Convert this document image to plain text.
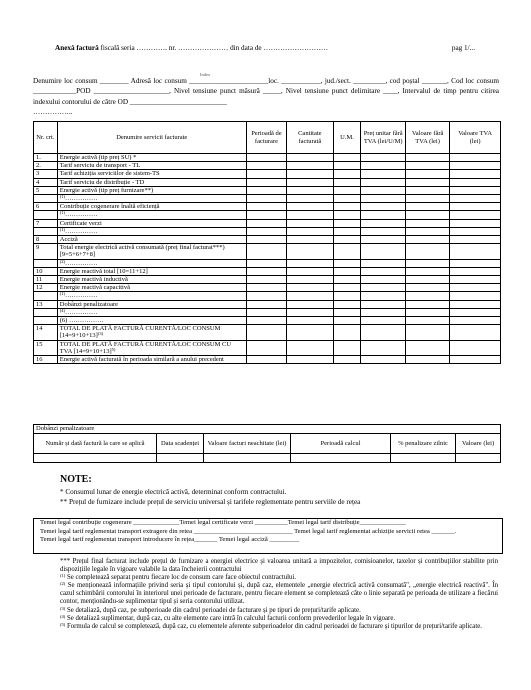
Anexă factură fiscală seria …………. nr. ………………… din data de ………………………	pag 1/...
Index

Denumire loc consum ________ Adresă loc consum ______________________loc. ___________, jud./sect. _________, cod poștal _______, Cod loc consum ____________POD _____________________, Nivel tensiune punct măsură _____, Nivel tensiune punct delimitare ____, Intervalul de timp pentru citirea indexului contorului de către OD ___________________________

……………..

Nr. crt.	Denumire servicii facturate	Perioadă de facturare	Cantitate facturată	U.M.	Preț unitar fără TVA (lei/U/M)	Valoare fără TVA (lei)	Valoare TVA (lei)
1.	Energie activă (tip preț SU) *						
2.	Tarif serviciu de transport - TL						
3	Tarif achiziția serviciilor de sistem-TS						
4	Tarif serviciu de distribuție - TD						
5	Energie activă (tip preț furnizare**)						
	$^{(1)}$……………						
6	Contribuție cogenerare înaltă eficiență						
	$^{(1)}$……………						
7	Certificate verzi						
	$^{(1)}$……………						
8	Acciză						
9	Total energie electrică activă consumată (preț final facturat***) [9=5+6+7+8]						
	$^{(2)}$……………						
10	Energie reactivă total [10=11+12]						
11	Energie reactivă inductivă						
12	Energie reactivă capacitivă						
	$^{(1)}$……………						
13	Dobânzi penalizatoare						
	$^{(4)}$……………						
	(6) …………….						
14	TOTAL DE PLATĂ FACTURĂ CURENTĂ/LOC CONSUM [14=9+10+13]$^{(3)}$						
15	TOTAL DE PLATĂ FACTURĂ CURENTĂ/LOC CONSUM CU TVA [14=9+10+13]$^{5)}$						
16	Energie activă facturată în perioada similară a anului precedent						
Dobânzi penalizatoare					
Număr și dată factură la care se aplică	Data scadenței	Valoare facturi neachitate (lei)	Perioadă calcul	% penalizare zilnic	Valoare (lei)

NOTE:

* Consumul lunar de energie electrică activă, determinat conform contractului.

** Prețul de furnizare include prețul de serviciu universal și tarifele reglementate pentru serviile de rețea

Temei legal contribuție cogenerare ______________Temei legal certificate verzi __________Temei legal tarif distribuție______________

Temei legal tarif reglementat transport extragere din retea ______________________________ Temei legal tarif reglementat achiziție servicii retea _______.

Temei legal tarif reglementat transport introducere în rețea_______ Temei legal acciză _________

*** Prețul final facturat include prețul de furnizare a energiei electrice și valoarea unitară a impozitelor, comisioanelor, taxelor și contribuțiilor stabilite prin dispozițiile legale în vigoare valabile la data încheierii contractului

$^{(1)}$ Se completează separat pentru fiecare loc de consum care face obiectul contractului.

$^{(2)}$ Se menționează informațiile privind seria și tipul contorului și, după caz, elementele „energie electrică activă consumată", „energie electrică reactivă". În cazul schimbării contorului în interiorul unei perioade de facturare, pentru fiecare element se completează câte o linie separată pe perioada de utilizare a fiecărui contor, menționându-se suplimentar tipul și seria contorului utilizat.

$^{(3)}$ Se detaliază, după caz, pe subperioade din cadrul perioadei de facturare și pe tipuri de prețuri/tarife aplicate.

$^{(4)}$ Se detaliază suplimentar, după caz, cu alte elemente care intră în calculul facturii conform prevederilor legale în vigoare.

$^{(5)}$ Formula de calcul se completează, după caz, cu elementele aferente subperioadelor din cadrul perioadei de facturare și tipurilor de prețuri/tarife aplicate.
